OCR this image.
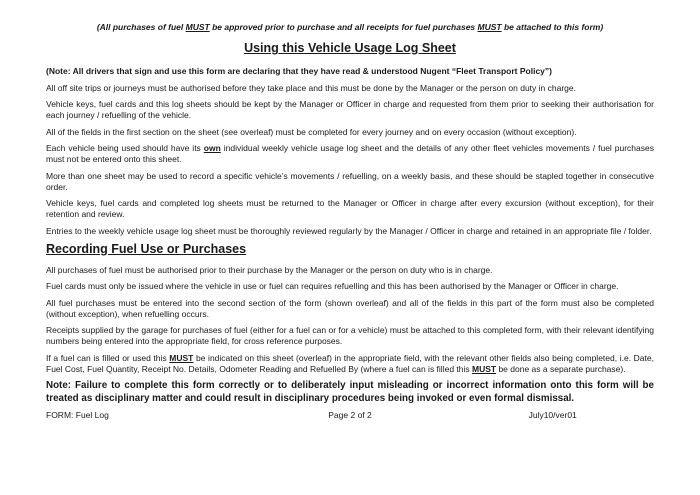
(All purchases of fuel MUST be approved prior to purchase and all receipts for fuel purchases MUST be attached to this form)

Using this Vehicle Usage Log Sheet

(Note: All drivers that sign and use this form are declaring that they have read & understood Nugent “Fleet Transport Policy”)

All off site trips or journeys must be authorised before they take place and this must be done by the Manager or the person on duty in charge.

Vehicle keys, fuel cards and this log sheets should be kept by the Manager or Officer in charge and requested from them prior to seeking their authorisation for each journey / refuelling of the vehicle.

All of the fields in the first section on the sheet (see overleaf) must be completed for every journey and on every occasion (without exception).

Each vehicle being used should have its own individual weekly vehicle usage log sheet and the details of any other fleet vehicles movements / fuel purchases must not be entered onto this sheet.

More than one sheet may be used to record a specific vehicle’s movements / refuelling, on a weekly basis, and these should be stapled together in consecutive order.

Vehicle keys, fuel cards and completed log sheets must be returned to the Manager or Officer in charge after every excursion (without exception), for their retention and review.

Entries to the weekly vehicle usage log sheet must be thoroughly reviewed regularly by the Manager / Officer in charge and retained in an appropriate file / folder.

Recording Fuel Use or Purchases

All purchases of fuel must be authorised prior to their purchase by the Manager or the person on duty who is in charge.

Fuel cards must only be issued where the vehicle in use or fuel can requires refuelling and this has been authorised by the Manager or Officer in charge.

All fuel purchases must be entered into the second section of the form (shown overleaf) and all of the fields in this part of the form must also be completed (without exception), when refuelling occurs.

Receipts supplied by the garage for purchases of fuel (either for a fuel can or for a vehicle) must be attached to this completed form, with their relevant identifying numbers being entered into the appropriate field, for cross reference purposes.

If a fuel can is filled or used this MUST be indicated on this sheet (overleaf) in the appropriate field, with the relevant other fields also being completed, i.e. Date, Fuel Cost, Fuel Quantity, Receipt No. Details, Odometer Reading and Refuelled By (where a fuel can is filled this MUST be done as a separate purchase).

Note: Failure to complete this form correctly or to deliberately input misleading or incorrect information onto this form will be treated as disciplinary matter and could result in disciplinary procedures being invoked or even formal dismissal.

FORM: Fuel Log	Page 2 of 2	July10/ver01
